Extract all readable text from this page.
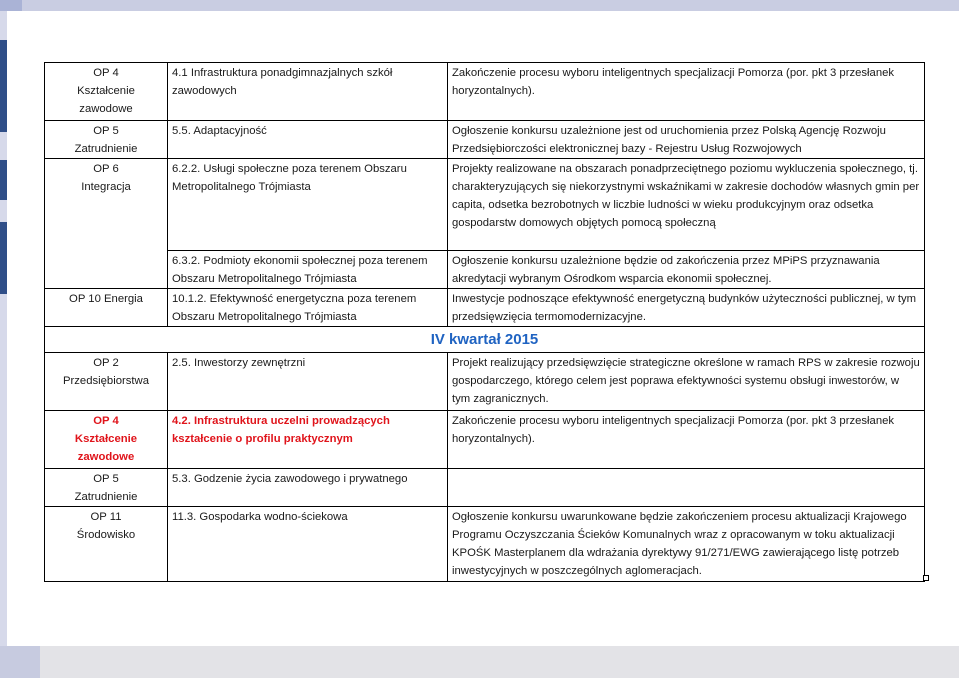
OP 4
Kształcenie
zawodowe	4.1 Infrastruktura ponadgimnazjalnych szkół zawodowych	Zakończenie procesu wyboru inteligentnych specjalizacji Pomorza (por. pkt 3 przesłanek horyzontalnych).

OP 5
Zatrudnienie	5.5. Adaptacyjność	Ogłoszenie konkursu uzależnione jest od uruchomienia przez Polską Agencję Rozwoju Przedsiębiorczości elektronicznej bazy - Rejestru Usług Rozwojowych

OP 6
Integracja	6.2.2. Usługi społeczne poza terenem Obszaru Metropolitalnego Trójmiasta	Projekty realizowane na obszarach ponadprzeciętnego poziomu wykluczenia społecznego, tj. charakteryzujących się niekorzystnymi wskaźnikami w zakresie dochodów własnych gmin per capita, odsetka bezrobotnych w liczbie ludności w wieku produkcyjnym oraz odsetka gospodarstw domowych objętych pomocą społeczną
	6.3.2. Podmioty ekonomii społecznej poza terenem Obszaru Metropolitalnego Trójmiasta	Ogłoszenie konkursu uzależnione będzie od zakończenia przez MPiPS przyznawania akredytacji wybranym Ośrodkom wsparcia ekonomii społecznej.

OP 10 Energia	10.1.2. Efektywność energetyczna poza terenem Obszaru Metropolitalnego Trójmiasta	Inwestycje podnoszące efektywność energetyczną budynków użyteczności publicznej, w tym przedsięwzięcia termomodernizacyjne.
IV kwartał 2015		

OP 2
Przedsiębiorstwa	2.5. Inwestorzy zewnętrzni	Projekt realizujący przedsięwzięcie strategiczne określone w ramach RPS w zakresie rozwoju gospodarczego, którego celem jest poprawa efektywności systemu obsługi inwestorów, w tym zagranicznych.

OP 4
Kształcenie
zawodowe	4.2. Infrastruktura uczelni prowadzących kształcenie o profilu praktycznym	Zakończenie procesu wyboru inteligentnych specjalizacji Pomorza (por. pkt 3 przesłanek horyzontalnych).

OP 5
Zatrudnienie	5.3. Godzenie życia zawodowego i prywatnego	

OP 11
Środowisko	11.3. Gospodarka wodno-ściekowa	Ogłoszenie konkursu uwarunkowane będzie zakończeniem procesu aktualizacji Krajowego Programu Oczyszczania Ścieków Komunalnych wraz z opracowanym w toku aktualizacji KPOŚK Masterplanem dla wdrażania dyrektywy 91/271/EWG zawierającego listę potrzeb inwestycyjnych w poszczególnych aglomeracjach.
